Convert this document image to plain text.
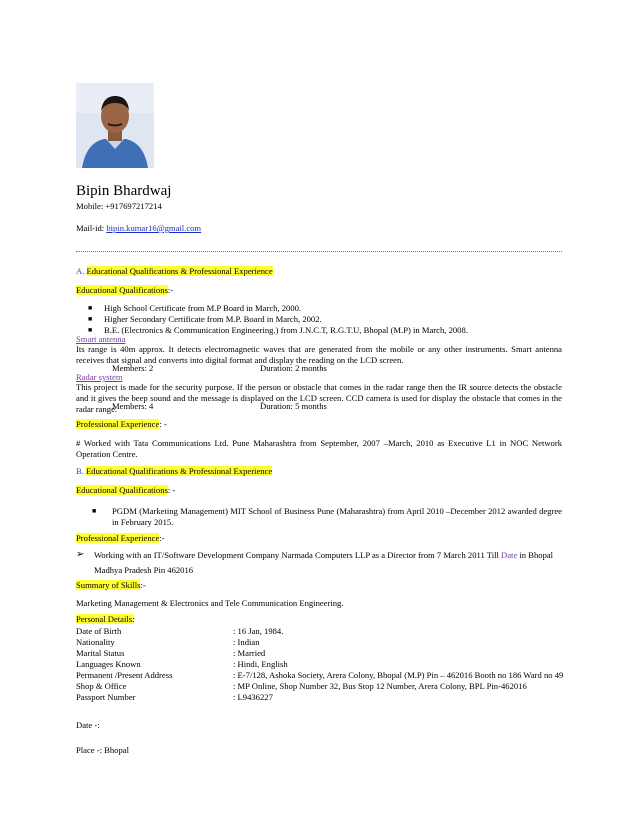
Bipin Bhardwaj
Mobile: +917697217214
Mail-id: bipin.kumar16@gmail.com
A. Educational Qualifications & Professional Experience
Educational Qualifications:-
■ High School Certificate from M.P Board in March, 2000.
■ Higher Secondary Certificate from M.P. Board in March, 2002.
■ B.E. (Electronics & Communication Engineering.) from J.N.C.T, R.G.T.U, Bhopal (M.P) in March, 2008.
Smart antenna
Its range is 40m approx. It detects electromagnetic waves that are generated from the mobile or any other instruments. Smart antenna receives that signal and converts into digital format and display the reading on the LCD screen.
Members: 2	Duration: 2 months
Radar system
This project is made for the security purpose. If the person or obstacle that comes in the radar range then the IR source detects the obstacle and it gives the beep sound and the message is displayed on the LCD screen. CCD camera is used for display the obstacle that comes in the radar range.
Members: 4	Duration: 5 months
Professional Experience: -
# Worked with Tata Communications Ltd. Pune Maharashtra from September, 2007 –March, 2010 as Executive L1 in NOC Network Operation Centre.
B. Educational Qualifications & Professional Experience
Educational Qualifications: -
■ PGDM (Marketing Management) MIT School of Business Pune (Maharashtra) from April 2010 –December 2012 awarded degree in February 2015.
Professional Experience:-
➢ Working with an IT/Software Development Company Narmada Computers LLP as a Director from 7 March 2011 Till Date in Bhopal
Madhya Pradesh Pin 462016
Summary of Skills:-
Marketing Management & Electronics and Tele Communication Engineering.
Personal Details:
Date of Birth	: 16 Jan, 1984.
Nationality	: Indian
Marital Status	: Married
Languages Known	: Hindi, English
Permanent /Present Address	: E-7/128, Ashoka Society, Arera Colony, Bhopal (M.P) Pin – 462016 Booth no 186 Ward no 49
Shop & Office	: MP Online, Shop Number 32, Bus Stop 12 Number, Arera Colony, BPL Pin-462016
Passport Number	: L9436227
Date -:
Place -: Bhopal
